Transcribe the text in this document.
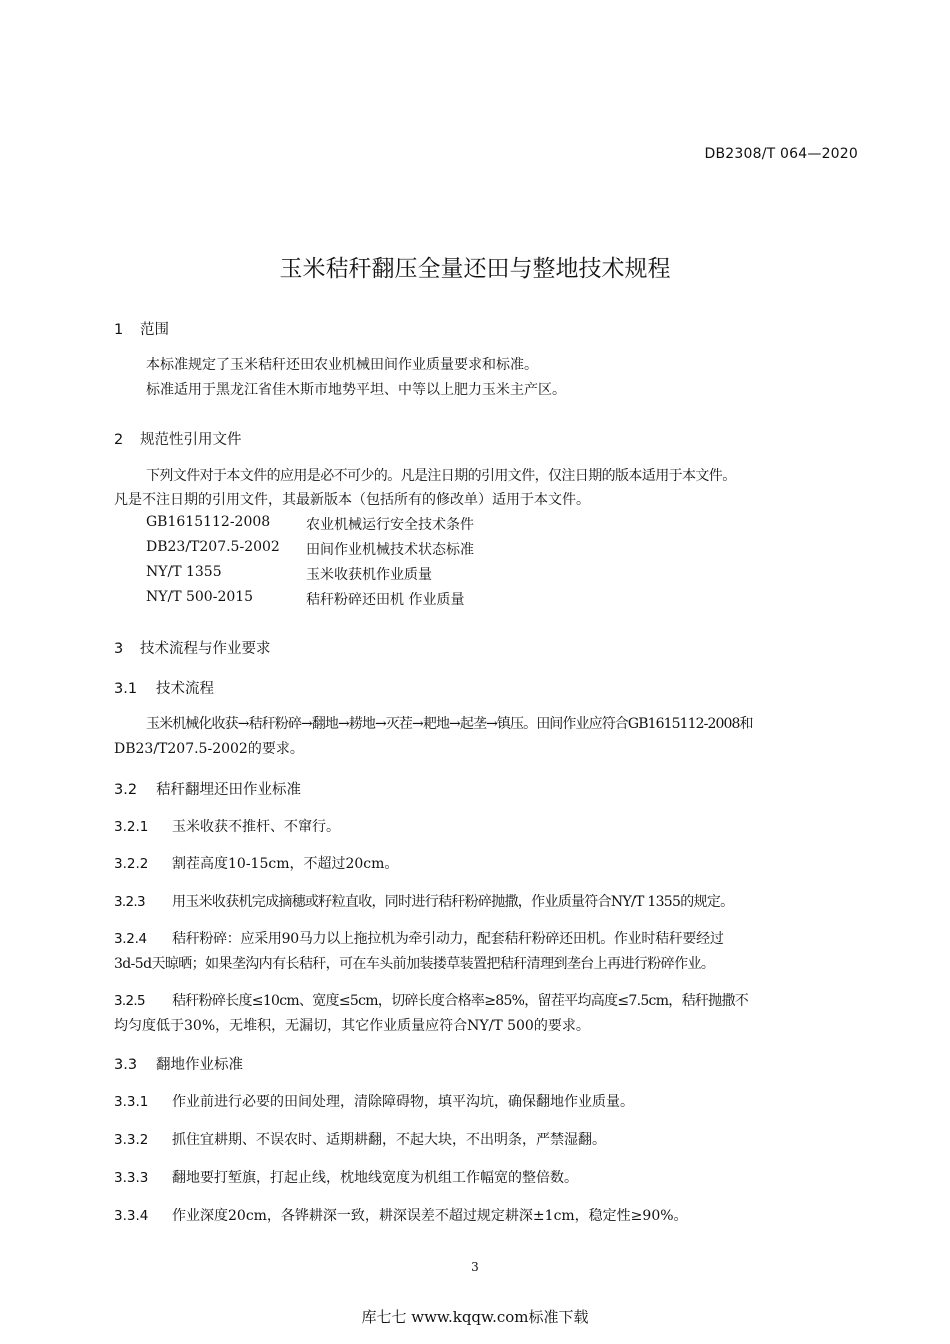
DB2308/T 064—2020
玉米秸秆翻压全量还田与整地技术规程
1 范围
本标准规定了玉米秸秆还田农业机械田间作业质量要求和标准。
标准适用于黑龙江省佳木斯市地势平坦、中等以上肥力玉米主产区。
2 规范性引用文件
下列文件对于本文件的应用是必不可少的。凡是注日期的引用文件，仅注日期的版本适用于本文件。
凡是不注日期的引用文件，其最新版本（包括所有的修改单）适用于本文件。
GB1615112-2008	农业机械运行安全技术条件
DB23/T207.5-2002 田间作业机械技术状态标准
NY/T 1355	玉米收获机作业质量
NY/T 500-2015	秸秆粉碎还田机 作业质量
3 技术流程与作业要求
3.1 技术流程
玉米机械化收获→秸秆粉碎→翻地→耢地→灭茬→耙地→起垄→镇压。田间作业应符合GB1615112-2008和
DB23/T207.5-2002的要求。
3.2 秸秆翻埋还田作业标准
3.2.1 玉米收获不推杆、不窜行。
3.2.2 割茬高度10-15cm，不超过20cm。
3.2.3 用玉米收获机完成摘穗或籽粒直收，同时进行秸秆粉碎抛撒，作业质量符合NY/T 1355的规定。
3.2.4 秸秆粉碎：应采用90马力以上拖拉机为牵引动力，配套秸秆粉碎还田机。作业时秸秆要经过
3d-5d天晾晒；如果垄沟内有长秸秆，可在车头前加装搂草装置把秸秆清理到垄台上再进行粉碎作业。
3.2.5 秸秆粉碎长度≤10cm、宽度≤5cm，切碎长度合格率≥85%，留茬平均高度≤7.5cm，秸秆抛撒不
均匀度低于30%，无堆积，无漏切，其它作业质量应符合NY/T 500的要求。
3.3 翻地作业标准
3.3.1 作业前进行必要的田间处理，清除障碍物，填平沟坑，确保翻地作业质量。
3.3.2 抓住宜耕期、不误农时、适期耕翻，不起大块，不出明条，严禁湿翻。
3.3.3 翻地要打堑旗，打起止线，枕地线宽度为机组工作幅宽的整倍数。
3.3.4 作业深度20cm，各铧耕深一致，耕深误差不超过规定耕深±1cm，稳定性≥90%。
3
库七七 www.kqqw.com标准下载
